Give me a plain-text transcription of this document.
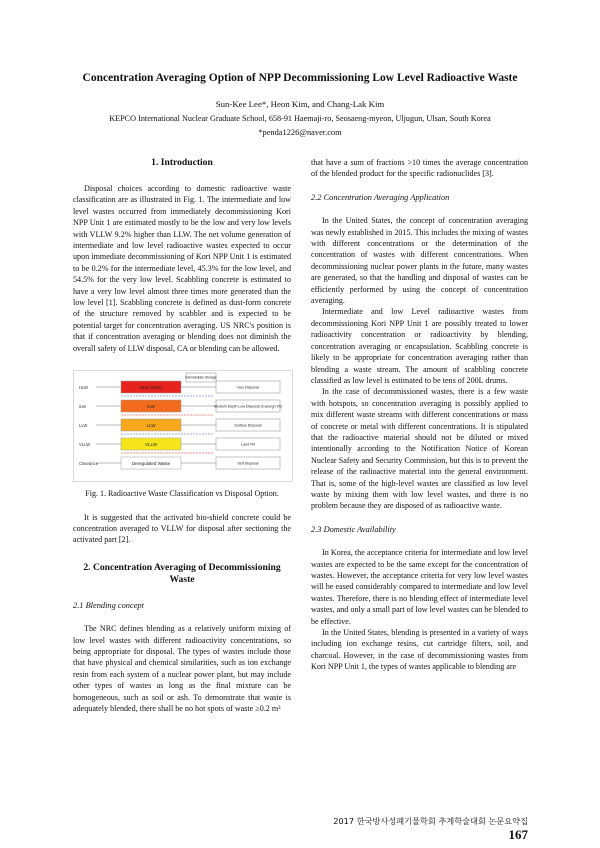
Concentration Averaging Option of NPP Decommissioning Low Level Radioactive Waste
Sun-Kee Lee*, Heon Kim, and Chang-Lak Kim
KEPCO International Nuclear Graduate School, 658-91 Haemaji-ro, Seosaeng-myeon, Uljugun, Ulsan, South Korea
*penda1226@naver.com
1. Introduction

Disposal choices according to domestic radioactive waste classification are as illustrated in Fig. 1. The intermediate and low level wastes occurred from immediately decommissioning Kori NPP Unit 1 are estimated mostly to be the low and very low levels with VLLW 9.2% higher than LLW. The net volume generation of intermediate and low level radioactive wastes expected to occur upon immediate decommissioning of Kori NPP Unit 1 is estimated to be 0.2% for the intermediate level, 45.3% for the low level, and 54.5% for the very low level. Scabbling concrete is estimated to have a very low level almost three times more generated than the low level [1]. Scabbling concrete is defined as dust-form concrete of the structure removed by scabbler and is expected to be potential target for concentration averaging. US NRC's position is that if concentration averaging or blending does not diminish the overall safety of LLW disposal, CA or blending can be allowed.

HLW	HLW (SNF)	Geo Disposal
ILW	ILW	Medium Depth Low Disposal (Cavergn Vlt)
LLW	LLW	Surface Disposal
VLLW	VLLW	Land Fill
Clearance	Deregulated Waste	Self Disposal
Intermediate Storage
Fig. 1. Radioactive Waste Classification vs Disposal Option.

It is suggested that the activated bio-shield concrete could be concentration averaged to VLLW for disposal after sectioning the activated part [2].

2. Concentration Averaging of Decommissioning Waste
2.1 Blending concept

The NRC defines blending as a relatively uniform mixing of low level wastes with different radioactivity concentrations, so being appropriate for disposal. The types of wastes include those that have physical and chemical similarities, such as ion exchange resin from each system of a nuclear power plant, but may include other types of wastes as long as the final mixture can be homogeneous, such as soil or ash. To demonstrate that waste is adequately blended, there shall be no hot spots of waste ≥0.2 m³

that have a sum of fractions >10 times the average concentration of the blended product for the specific radionuclides [3].

2.2 Concentration Averaging Application

In the United States, the concept of concentration averaging was newly established in 2015. This includes the mixing of wastes with different concentrations or the determination of the concentration of wastes with different concentrations. When decommissioning nuclear power plants in the future, many wastes are generated, so that the handling and disposal of wastes can be efficiently performed by using the concept of concentration averaging.

Intermediate and low Level radioactive wastes from decommissioning Kori NPP Unit 1 are possibly treated to lower radioactivity concentration or radioactivity by blending, concentration averaging or encapsulation. Scabbling concrete is likely to be appropriate for concentration averaging rather than blending a waste stream. The amount of scabbling concrete classified as low level is estimated to be tens of 200L drums.

In the case of decommissioned wastes, there is a few waste with hotspots, so concentration averaging is possibly applied to mix different waste streams with different concentrations or mass of concrete or metal with different concentrations. It is stipulated that the radioactive material should not be diluted or mixed intentionally according to the Notification Notice of Korean Nuclear Safety and Security Commission, but this is to prevent the release of the radioactive material into the general environment. That is, some of the high-level wastes are classified as low level waste by mixing them with low level wastes, and there is no problem because they are disposed of as radioactive waste.

2.3 Domestic Availability

In Korea, the acceptance criteria for intermediate and low level wastes are expected to be the same except for the concentration of wastes. However, the acceptance criteria for very low level wastes will be eased considerably compared to intermediate and low level wastes. Therefore, there is no blending effect of intermediate level wastes, and only a small part of low level wastes can be blended to be effective.

In the United States, blending is presented in a variety of ways including ion exchange resins, cut cartridge filters, soil, and charcoal. However, in the case of decommissioning wastes from Kori NPP Unit 1, the types of wastes applicable to blending are

2017 한국방사성폐기물학회 추계학술대회 논문요약집 167
